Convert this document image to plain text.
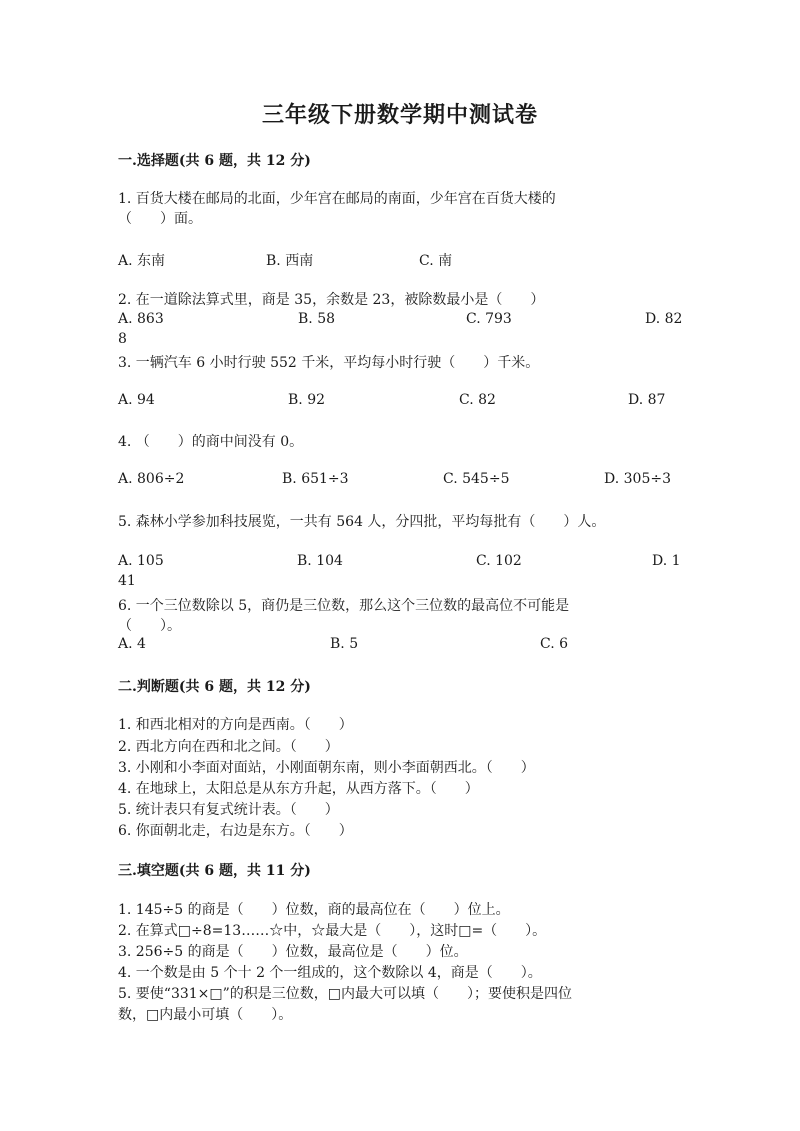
三年级下册数学期中测试卷
一.选择题(共 6 题，共 12 分)
1. 百货大楼在邮局的北面，少年宫在邮局的南面，少年宫在百货大楼的
（　　）面。
A. 东南	B. 西南	C. 南
2. 在一道除法算式里，商是 35，余数是 23，被除数最小是（　　）
A. 863	B. 58	C. 793	D. 82
8
3. 一辆汽车 6 小时行驶 552 千米，平均每小时行驶（　　）千米。
A. 94	B. 92	C. 82	D. 87
4. （　　）的商中间没有 0。
A. 806÷2	B. 651÷3	C. 545÷5	D. 305÷3
5. 森林小学参加科技展览，一共有 564 人，分四批，平均每批有（　　）人。
A. 105	B. 104	C. 102	D. 1
41
6. 一个三位数除以 5，商仍是三位数，那么这个三位数的最高位不可能是
（　　）。
A. 4	B. 5	C. 6
二.判断题(共 6 题，共 12 分)
1. 和西北相对的方向是西南。（　　）
2. 西北方向在西和北之间。（　　）
3. 小刚和小李面对面站，小刚面朝东南，则小李面朝西北。（　　）
4. 在地球上，太阳总是从东方升起，从西方落下。（　　）
5. 统计表只有复式统计表。（　　）
6. 你面朝北走，右边是东方。（　　）
三.填空题(共 6 题，共 11 分)
1. 145÷5 的商是（　　）位数，商的最高位在（　　）位上。
2. 在算式□÷8=13……☆中，☆最大是（　　），这时□=（　　）。
3. 256÷5 的商是（　　）位数，最高位是（　　）位。
4. 一个数是由 5 个十 2 个一组成的，这个数除以 4，商是（　　）。
5. 要使“331×□”的积是三位数，□内最大可以填（　　）；要使积是四位
数，□内最小可填（　　）。
